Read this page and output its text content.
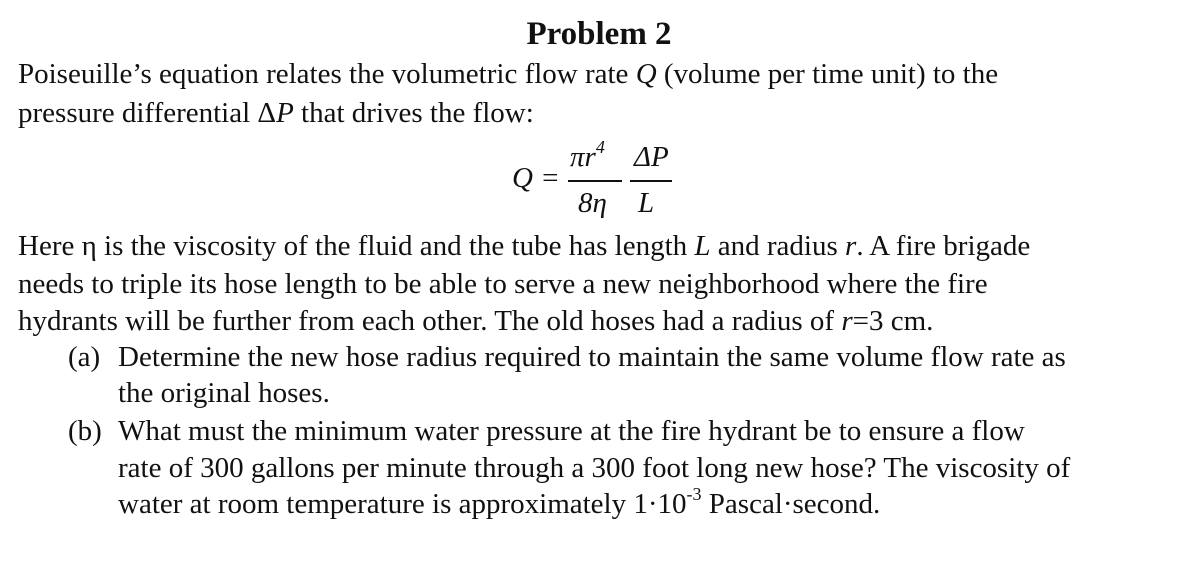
Problem 2
Poiseuille’s equation relates the volumetric flow rate Q (volume per time unit) to the
pressure differential ΔP that drives the flow:
Q =
$\pi r^4$ ΔP
8η L
Here η is the viscosity of the fluid and the tube has length L and radius r. A fire brigade
needs to triple its hose length to be able to serve a new neighborhood where the fire
hydrants will be further from each other. The old hoses had a radius of r=3 cm.
(a) Determine the new hose radius required to maintain the same volume flow rate as
the original hoses.
(b) What must the minimum water pressure at the fire hydrant be to ensure a flow
rate of 300 gallons per minute through a 300 foot long new hose? The viscosity of
water at room temperature is approximately $1\cdot 10^{-3}$ Pascal·second.
